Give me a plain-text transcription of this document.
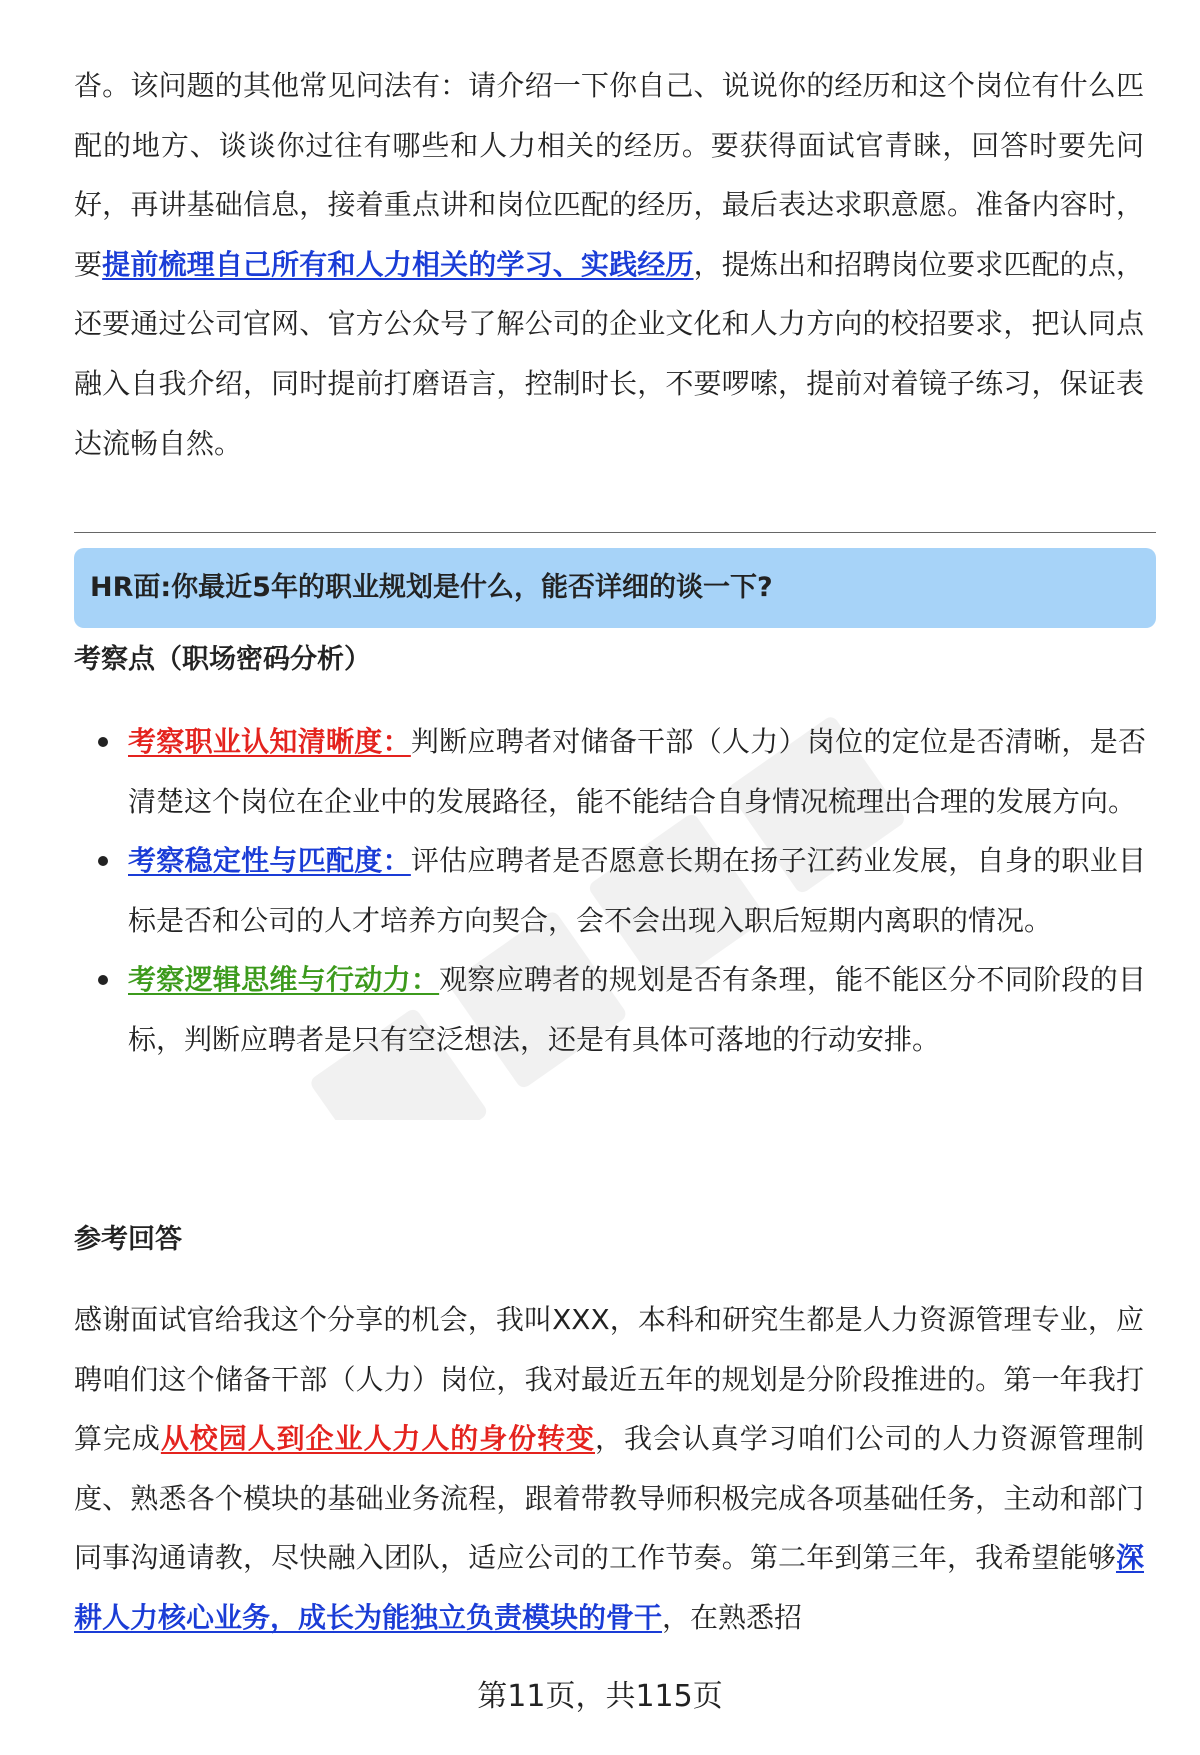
沓。该问题的其他常见问法有：请介绍一下你自己、说说你的经历和这个岗位有什么匹配的地方、谈谈你过往有哪些和人力相关的经历。要获得面试官青睐，回答时要先问好，再讲基础信息，接着重点讲和岗位匹配的经历，最后表达求职意愿。准备内容时，要提前梳理自己所有和人力相关的学习、实践经历，提炼出和招聘岗位要求匹配的点，还要通过公司官网、官方公众号了解公司的企业文化和人力方向的校招要求，把认同点融入自我介绍，同时提前打磨语言，控制时长，不要啰嗦，提前对着镜子练习，保证表达流畅自然。

HR面:你最近5年的职业规划是什么，能否详细的谈一下?
考察点（职场密码分析）
考察职业认知清晰度：判断应聘者对储备干部（人力）岗位的定位是否清晰，是否清楚这个岗位在企业中的发展路径，能不能结合自身情况梳理出合理的发展方向。
考察稳定性与匹配度：评估应聘者是否愿意长期在扬子江药业发展，自身的职业目标是否和公司的人才培养方向契合，会不会出现入职后短期内离职的情况。
考察逻辑思维与行动力：观察应聘者的规划是否有条理，能不能区分不同阶段的目标，判断应聘者是只有空泛想法，还是有具体可落地的行动安排。
参考回答

感谢面试官给我这个分享的机会，我叫XXX，本科和研究生都是人力资源管理专业，应聘咱们这个储备干部（人力）岗位，我对最近五年的规划是分阶段推进的。第一年我打算完成从校园人到企业人力人的身份转变，我会认真学习咱们公司的人力资源管理制度、熟悉各个模块的基础业务流程，跟着带教导师积极完成各项基础任务，主动和部门同事沟通请教，尽快融入团队，适应公司的工作节奏。第二年到第三年，我希望能够深耕人力核心业务，成长为能独立负责模块的骨干，在熟悉招

第11页，共115页
